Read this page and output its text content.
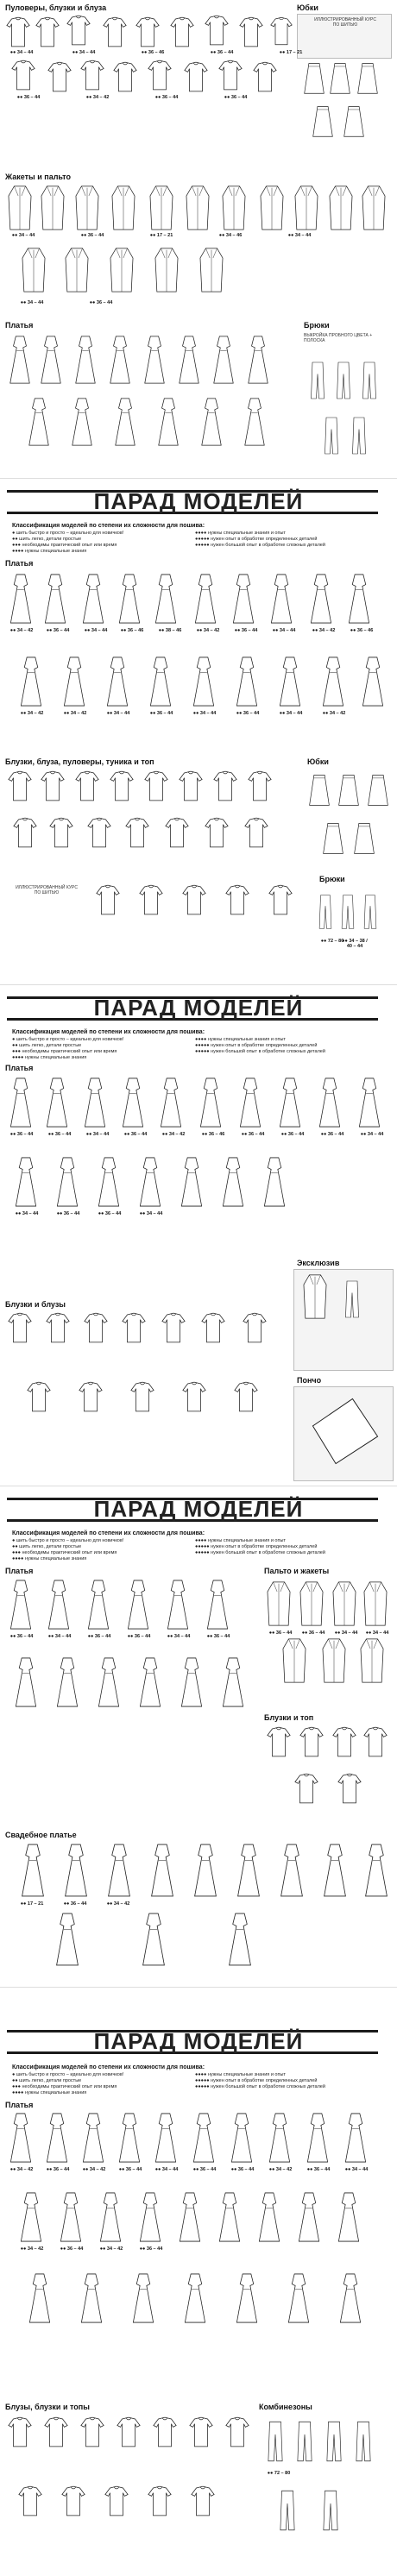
Пуловеры, блузки и блуза	Юбки
ИЛЛЮСТРИРОВАННЫЙ КУРС ПО ШИТЬЮ
Жакеты и пальто
Платья	Брюки
ВЫКРОЙКА ПРОБНОГО ЦВЕТА + ПОЛОСКА
ПАРАД МОДЕЛЕЙ
Классификация моделей по степени их сложности для пошива:
● шить быстро и просто – идеально для новичков!
●● шить легко, детали простые
●●● необходимы практический опыт или время
●●●● нужны специальные знания
●●●● нужны специальные знания и опыт
●●●●● нужен опыт в обработке определенных деталей
●●●●● нужен большой опыт в обработке сложных деталей
Платья
Блузки, блуза, пуловеры, туника и топ	Юбки
Брюки
ИЛЛЮСТРИРОВАННЫЙ КУРС ПО ШИТЬЮ
ПАРАД МОДЕЛЕЙ
Классификация моделей по степени их сложности для пошива:
● шить быстро и просто – идеально для новичков!
●● шить легко, детали простые
●●● необходимы практический опыт или время
●●●● нужны специальные знания
●●●● нужны специальные знания и опыт
●●●●● нужен опыт в обработке определенных деталей
●●●●● нужен большой опыт в обработке сложных деталей
Платья
Эксклюзив
Блузки и блузы
Пончо
ПАРАД МОДЕЛЕЙ
Классификация моделей по степени их сложности для пошива:
● шить быстро и просто – идеально для новичков!
●● шить легко, детали простые
●●● необходимы практический опыт или время
●●●● нужны специальные знания
●●●● нужны специальные знания и опыт
●●●●● нужен опыт в обработке определенных деталей
●●●●● нужен большой опыт в обработке сложных деталей
Платья	Пальто и жакеты
Блузки и топ
Свадебное платье
ПАРАД МОДЕЛЕЙ
Классификация моделей по степени их сложности для пошива:
● шить быстро и просто – идеально для новичков!
●● шить легко, детали простые
●●● необходимы практический опыт или время
●●●● нужны специальные знания
●●●● нужны специальные знания и опыт
●●●●● нужен опыт в обработке определенных деталей
●●●●● нужен большой опыт в обработке сложных деталей
Платья
Блузы, блузки и топы	Комбинезоны
●● 34 – 44	●● 34 – 44	●● 36 – 46	●● 36 – 44	●● 17 – 21
●● 36 – 44	●● 34 – 42	●● 36 – 44	●● 36 – 44
●● 34 – 44	●● 36 – 44	●● 17 – 21	●● 34 – 46	●● 34 – 44
●● 34 – 44	●● 36 – 44
●● 34 – 42	●● 36 – 44	●● 34 – 44	●● 36 – 46	●● 38 – 46	●● 34 – 42	●● 36 – 44	●● 34 – 44	●● 34 – 42	●● 36 – 46
●● 34 – 42	●● 34 – 42	●● 34 – 44	●● 36 – 44	●● 34 – 44	●● 36 – 44	●● 34 – 44	●● 34 – 42
●● 72 – 80
●● 34 – 38 / 40 – 44
●● 36 – 44	●● 36 – 44	●● 34 – 44	●● 36 – 44	●● 34 – 42	●● 36 – 46	●● 36 – 44	●● 36 – 44	●● 36 – 44	●● 34 – 44
●● 34 – 44	●● 36 – 44	●● 36 – 44	●● 34 – 44
●● 36 – 44	●● 34 – 44	●● 36 – 44	●● 36 – 44	●● 34 – 44	●● 36 – 44
●● 36 – 44	●● 36 – 44	●● 34 – 44	●● 34 – 44
●● 17 – 21	●● 36 – 44	●● 34 – 42
●● 34 – 42	●● 36 – 44	●● 34 – 42	●● 36 – 44	●● 34 – 44	●● 36 – 44	●● 36 – 44	●● 34 – 42	●● 36 – 44	●● 34 – 44
●● 34 – 42	●● 36 – 44	●● 34 – 42	●● 36 – 44
●● 72 – 80
